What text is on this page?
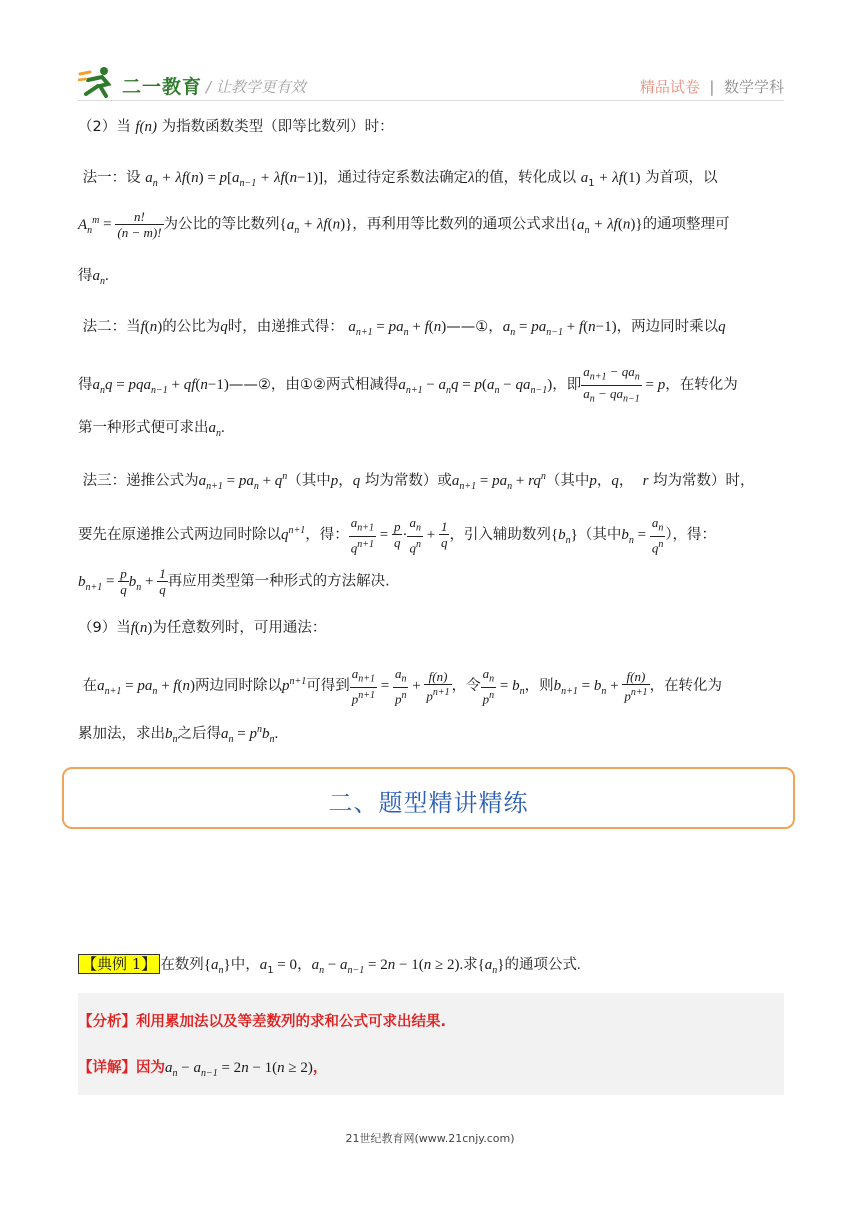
二一教育 / 让教学更有效	精品试卷 | 数学学科
（2）当 f(n) 为指数函数类型（即等比数列）时：
法一：设 $a_n + \lambda f(n) = p[a_{n-1} + \lambda f(n-1)]$，通过待定系数法确定λ的值，转化成以 $a_1 + \lambda f(1)$ 为首项，以
$A_n^m = \frac{n!}{(n - m)!}$ 为公比的等比数列$\{a_n + \lambda f(n)\}$，再利用等比数列的通项公式求出$\{a_n + \lambda f(n)\}$的通项整理可
得$a_n$.
法二：当f(n)的公比为q时，由递推式得： $a_{n+1} = pa_n$ + f(n)——①，$a_n = pa_{n-1} + f(n-1)$，两边同时乘以q
得$a_nq = pqa_{n-1}$ + qf(n−1)——②，由①②两式相减得$a_{n+1} - a_nq = p(a_n - qa_{n-1})$，即 $\frac{a_{n+1} - qa_n}{a_n - qa_{n-1}} = p$，在转化为
第一种形式便可求出$a_n$.
法三：递推公式为$a_{n+1} = pa_n + q^n$（其中p，q 均为常数）或$a_{n+1} = pa_n + rq^n$（其中p，q，  r 均为常数）时，
要先在原递推公式两边同时除以$q^{n+1}$，得： $\frac{a_{n+1}}{q^{n+1}} = \frac{p}{q} \cdot \frac{a_n}{q^n} + \frac{1}{q}$ ，引入辅助数列$\{b_n\}$（其中$b_n = \frac{a_n}{q^n}$ ），得：
$b_{n+1} = \frac{p}{q} b_n + \frac{1}{q}$ 再应用类型第一种形式的方法解决.
（9）当f(n)为任意数列时，可用通法：
在$a_{n+1} = pa_n + f(n)$两边同时除以$p^{n+1}$可得到 $\frac{a_{n+1}}{p^{n+1}} = \frac{a_n}{p^n} + \frac{f(n)}{p^{n+1}}$ ，令 $\frac{a_n}{p^n} = b_n$，则$b_{n+1} = b_n + \frac{f(n)}{p^{n+1}}$ ，在转化为
累加法，求出$b_n$之后得$a_n = p^nb_n$.
二、题型精讲精练
【典例 1】 在数列$\{a_n\}$中，$a_1 = 0$，$a_n - a_{n-1} = 2n - 1(n \ge 2)$.求$\{a_n\}$的通项公式.
【分析】利用累加法以及等差数列的求和公式可求出结果.
【详解】因为$a_n - a_{n-1} = 2n - 1(n \ge 2)$，
21世纪教育网(www.21cnjy.com)
